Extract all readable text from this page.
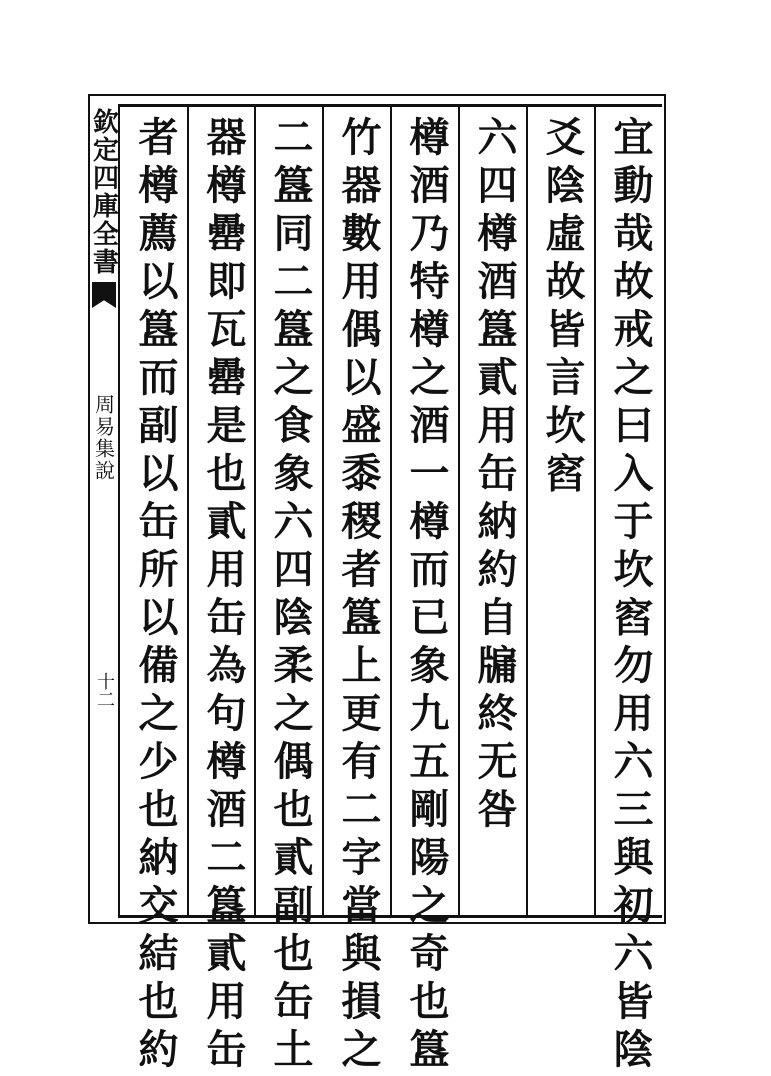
欽定四庫全書
周易集說
十二	宜動哉故戒之曰入于坎窞勿用六三與初六皆陰
爻陰虛故皆言坎窞
六四樽酒簋貳用缶納約自牖終无咎
樽酒乃特樽之酒一樽而已象九五剛陽之奇也簋
竹器數用偶以盛黍稷者簋上更有二字當與損之
二簋同二簋之食象六四陰柔之偶也貳副也缶土
器樽罍即瓦罍是也貳用缶為句樽酒二簋貳用缶
者樽薦以簋而副以缶所以備之少也納交結也約
